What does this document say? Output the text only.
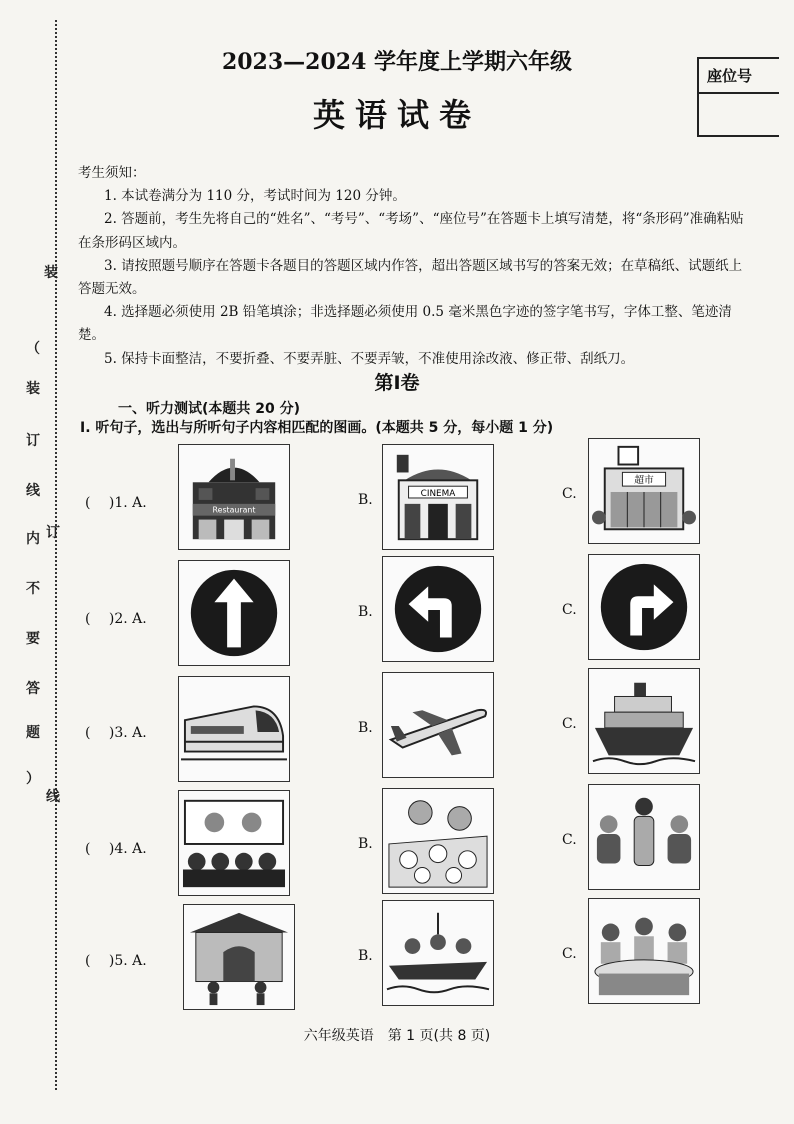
装
（
装
订
线
内 订
不
要
答
题
）
线
座位号
2023—2024 学年度上学期六年级
英语试卷

考生须知：

1. 本试卷满分为 110 分，考试时间为 120 分钟。

2. 答题前，考生先将自己的“姓名”、“考号”、“考场”、“座位号”在答题卡上填写清楚，将“条形码”准确粘贴在条形码区域内。

3. 请按照题号顺序在答题卡各题目的答题区域内作答，超出答题区域书写的答案无效；在草稿纸、试题纸上答题无效。

4. 选择题必须使用 2B 铅笔填涂；非选择题必须使用 0.5 毫米黑色字迹的签字笔书写，字体工整、笔迹清楚。

5. 保持卡面整洁，不要折叠、不要弄脏、不要弄皱，不准使用涂改液、修正带、刮纸刀。

第Ⅰ卷
一、听力测试(本题共 20 分)
Ⅰ. 听句子，选出与所听句子内容相匹配的图画。(本题共 5 分，每小题 1 分)
(　 )1. A.	Restaurant
B.	CINEMA	C.
超市
(　 )2. A.	B.	C.
(　 )3. A.	B.	C.
(　 )4. A.	B.	C.
(　 )5. A.	B.	C.
六年级英语　第 1 页(共 8 页)
